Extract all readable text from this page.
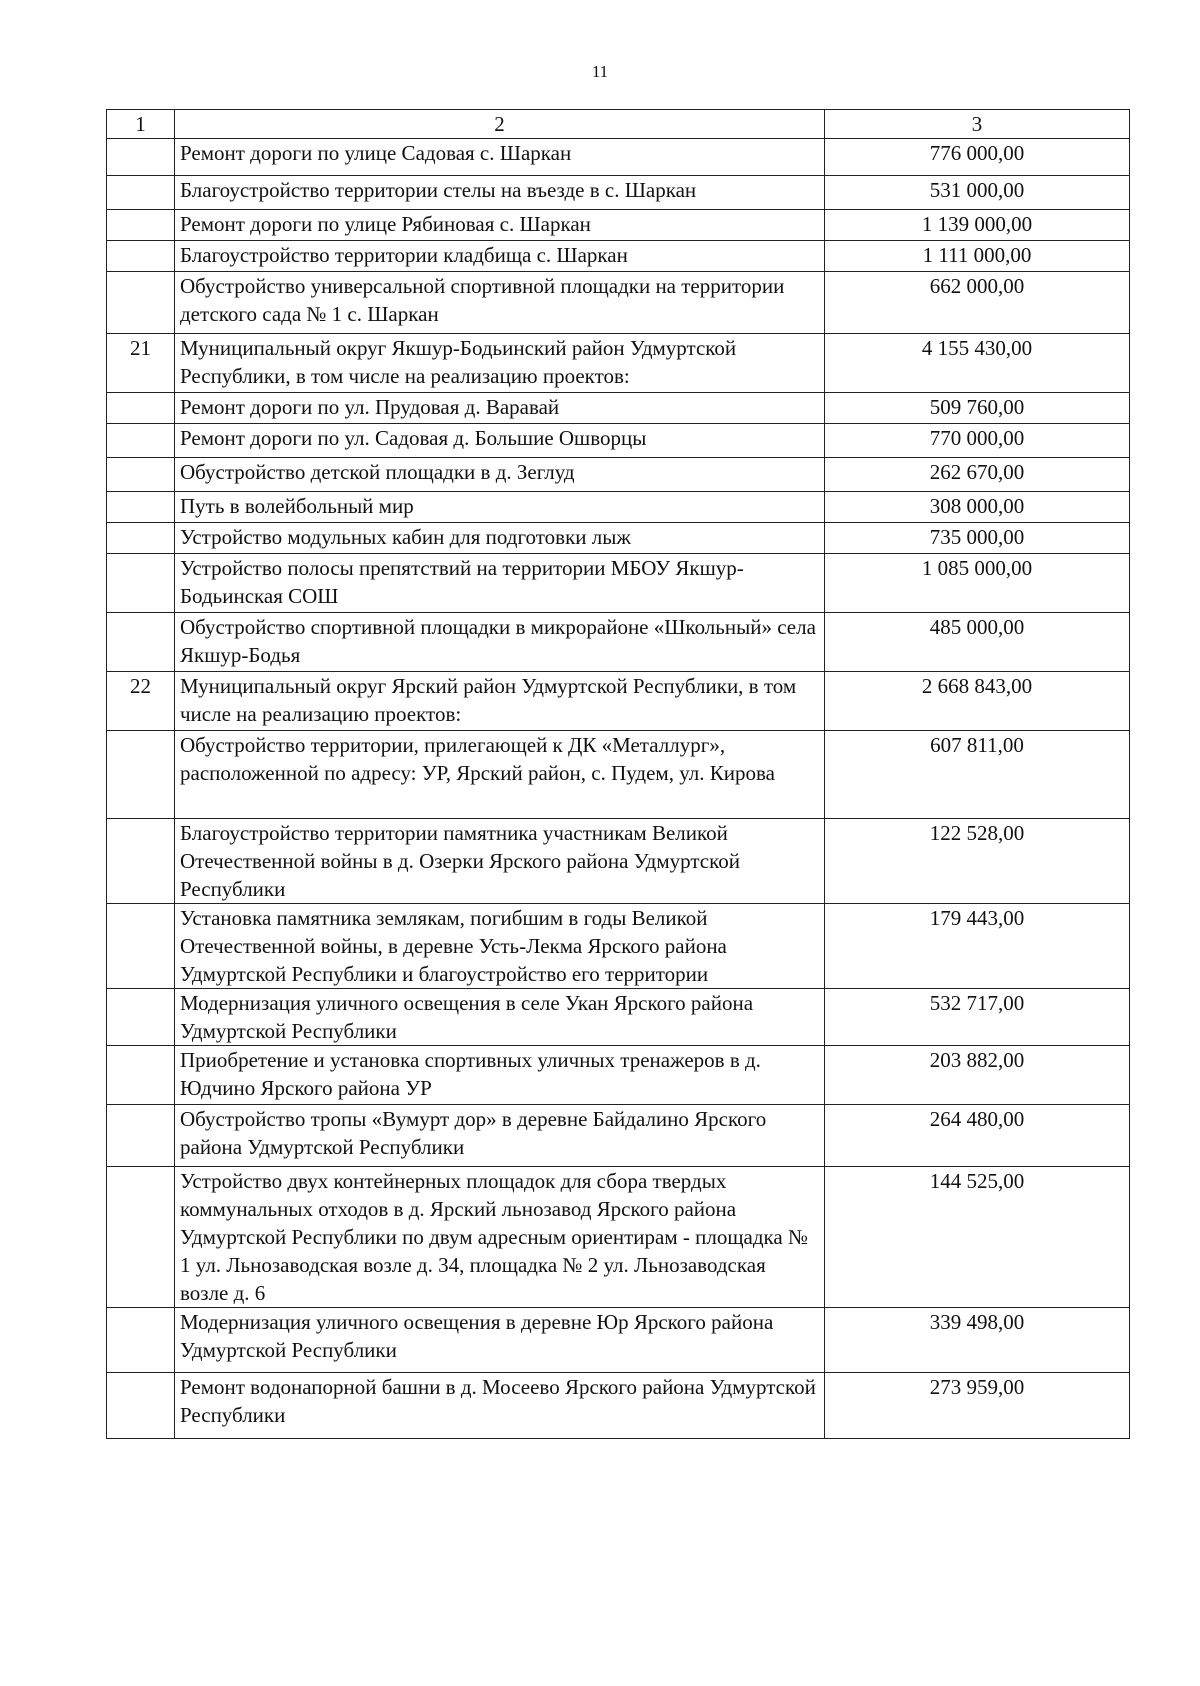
11
1	2	3
	Ремонт дороги по улице Садовая с. Шаркан	776 000,00
	Благоустройство территории стелы на въезде в с. Шаркан	531 000,00
	Ремонт дороги по улице Рябиновая с. Шаркан	1 139 000,00
	Благоустройство территории кладбища с. Шаркан	1 111 000,00
	Обустройство универсальной спортивной площадки на территории детского сада № 1 с. Шаркан	662 000,00
21	Муниципальный округ Якшур-Бодьинский район Удмуртской Республики, в том числе на реализацию проектов:	4 155 430,00
	Ремонт дороги по ул. Прудовая д. Варавай	509 760,00
	Ремонт дороги по ул. Садовая д. Большие Ошворцы	770 000,00
	Обустройство детской площадки в д. Зеглуд	262 670,00
	Путь в волейбольный мир	308 000,00
	Устройство модульных кабин для подготовки лыж	735 000,00
	Устройство полосы препятствий на территории МБОУ Якшур-Бодьинская СОШ	1 085 000,00
	Обустройство спортивной площадки в микрорайоне «Школьный» села Якшур-Бодья	485 000,00
22	Муниципальный округ Ярский район Удмуртской Республики, в том числе на реализацию проектов:	2 668 843,00
	Обустройство территории, прилегающей к ДК «Металлург», расположенной по адресу: УР, Ярский район, с. Пудем, ул. Кирова	607 811,00
	Благоустройство территории памятника участникам Великой Отечественной войны в д. Озерки Ярского района Удмуртской Республики	122 528,00
	Установка памятника землякам, погибшим в годы Великой Отечественной войны, в деревне Усть-Лекма Ярского района Удмуртской Республики и благоустройство его территории	179 443,00
	Модернизация уличного освещения в селе Укан Ярского района Удмуртской Республики	532 717,00
	Приобретение и установка спортивных уличных тренажеров в д. Юдчино Ярского района УР	203 882,00
	Обустройство тропы «Вумурт дор» в деревне Байдалино Ярского района Удмуртской Республики	264 480,00
	Устройство двух контейнерных площадок для сбора твердых коммунальных отходов в д. Ярский льнозавод Ярского района Удмуртской Республики по двум адресным ориентирам - площадка № 1 ул. Льнозаводская возле д. 34, площадка № 2 ул. Льнозаводская возле д. 6	144 525,00
	Модернизация уличного освещения в деревне Юр Ярского района Удмуртской Республики	339 498,00
	Ремонт водонапорной башни в д. Мосеево Ярского района Удмуртской Республики	273 959,00
